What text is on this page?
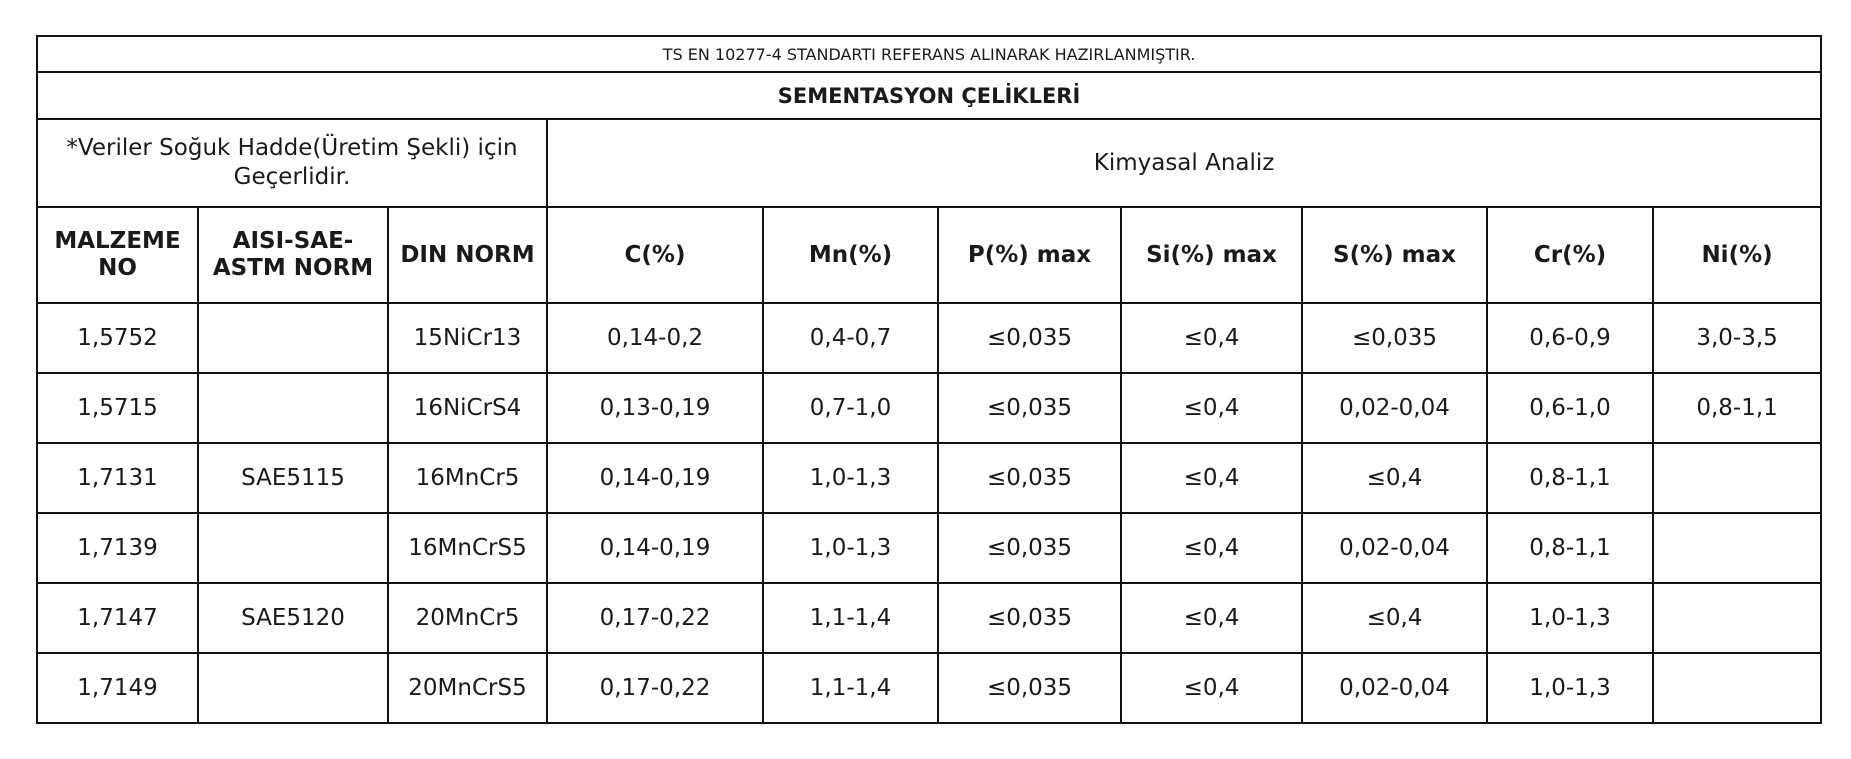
TS EN 10277-4 STANDARTI REFERANS ALINARAK HAZIRLANMIŞTIR.									
SEMENTASYON ÇELİKLERİ									
*Veriler Soğuk Hadde(Üretim Şekli) için Geçerlidir.			Kimyasal Analiz						
MALZEME NO	AISI-SAE-ASTM NORM	DIN NORM	C(%)	Mn(%)	P(%) max	Si(%) max	S(%) max	Cr(%)	Ni(%)
1,5752		15NiCr13	0,14-0,2	0,4-0,7	≤0,035	≤0,4	≤0,035	0,6-0,9	3,0-3,5
1,5715		16NiCrS4	0,13-0,19	0,7-1,0	≤0,035	≤0,4	0,02-0,04	0,6-1,0	0,8-1,1
1,7131	SAE5115	16MnCr5	0,14-0,19	1,0-1,3	≤0,035	≤0,4	≤0,4	0,8-1,1	
1,7139		16MnCrS5	0,14-0,19	1,0-1,3	≤0,035	≤0,4	0,02-0,04	0,8-1,1	
1,7147	SAE5120	20MnCr5	0,17-0,22	1,1-1,4	≤0,035	≤0,4	≤0,4	1,0-1,3	
1,7149		20MnCrS5	0,17-0,22	1,1-1,4	≤0,035	≤0,4	0,02-0,04	1,0-1,3	
